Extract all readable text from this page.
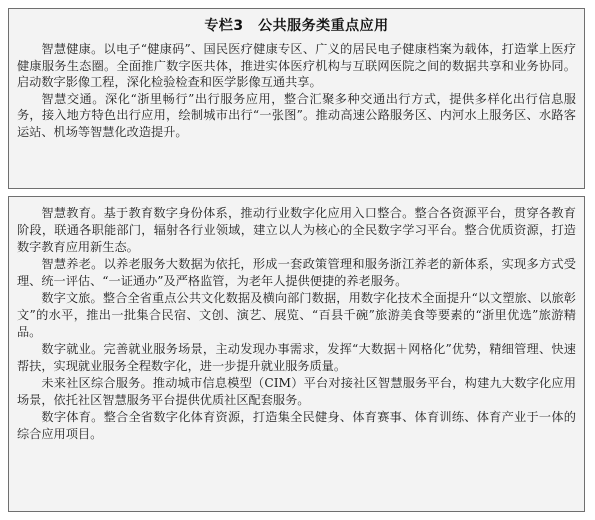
专栏3　公共服务类重点应用

智慧健康。以电子“健康码”、国民医疗健康专区、广义的居民电子健康档案为载体，打造掌上医疗健康服务生态圈。全面推广数字医共体，推进实体医疗机构与互联网医院之间的数据共享和业务协同。启动数字影像工程，深化检验检查和医学影像互通共享。

智慧交通。深化“浙里畅行”出行服务应用，整合汇聚多种交通出行方式，提供多样化出行信息服务，接入地方特色出行应用，绘制城市出行“一张图”。推动高速公路服务区、内河水上服务区、水路客运站、机场等智慧化改造提升。

智慧教育。基于教育数字身份体系，推动行业数字化应用入口整合。整合各资源平台，贯穿各教育阶段，联通各职能部门，辐射各行业领域，建立以人为核心的全民数字学习平台。整合优质资源，打造数字教育应用新生态。

智慧养老。以养老服务大数据为依托，形成一套政策管理和服务浙江养老的新体系，实现多方式受理、统一评估、“一证通办”及严格监管，为老年人提供便捷的养老服务。

数字文旅。整合全省重点公共文化数据及横向部门数据，用数字化技术全面提升“以文塑旅、以旅彰文”的水平，推出一批集合民宿、文创、演艺、展览、“百县千碗”旅游美食等要素的“浙里优选”旅游精品。

数字就业。完善就业服务场景，主动发现办事需求，发挥“大数据＋网格化”优势，精细管理、快速帮扶，实现就业服务全程数字化，进一步提升就业服务质量。

未来社区综合服务。推动城市信息模型（CIM）平台对接社区智慧服务平台，构建九大数字化应用场景，依托社区智慧服务平台提供优质社区配套服务。

数字体育。整合全省数字化体育资源，打造集全民健身、体育赛事、体育训练、体育产业于一体的综合应用项目。
